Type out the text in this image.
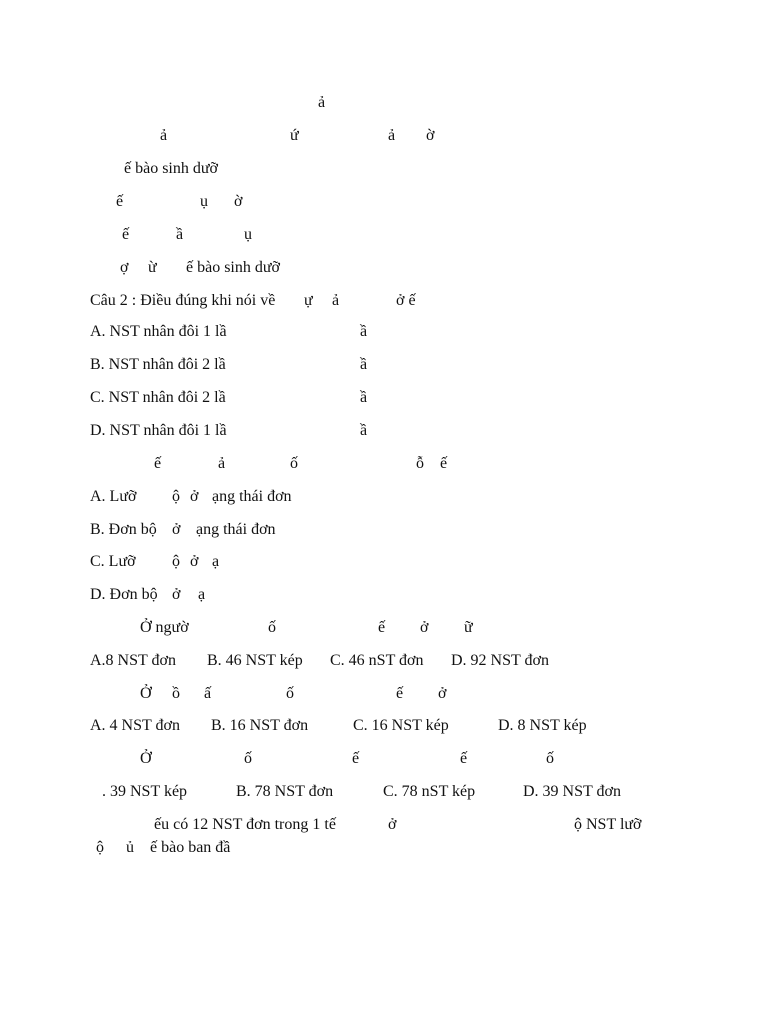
ả
ả	ứ	ả ờ
ế bào sinh dưỡ
ế	ụ ờ
ế	ầ	ụ
ợ ừ ế bào sinh dưỡ
Câu 2 : Điều đúng khi nói về ự ả	ở ế
A. NST nhân đôi 1 lầ	ầ
B. NST nhân đôi 2 lầ	ầ
C. NST nhân đôi 2 lầ	ầ
D. NST nhân đôi 1 lầ	ầ
ế	ả	ố	ỗ ế
A. Lưỡ ộ ở ạng thái đơn
B. Đơn bộ ở ạng thái đơn
C. Lưỡ ộ ở ạ
D. Đơn bộ ở ạ
Ở ngườ	ố	ế ở ữ
A.8 NST đơn B. 46 NST kép C. 46 nST đơn D. 92 NST đơn
Ở ồ ấ	ố	ế ở
A. 4 NST đơn B. 16 NST đơn	C. 16 NST kép	D. 8 NST kép
Ở	ố	ế	ế	ố
. 39 NST kép	B. 78 NST đơn	C. 78 nST kép	D. 39 NST đơn
ếu có 12 NST đơn trong 1 tế	ở	ộ NST lưỡ
ộ ủ ế bào ban đầ
